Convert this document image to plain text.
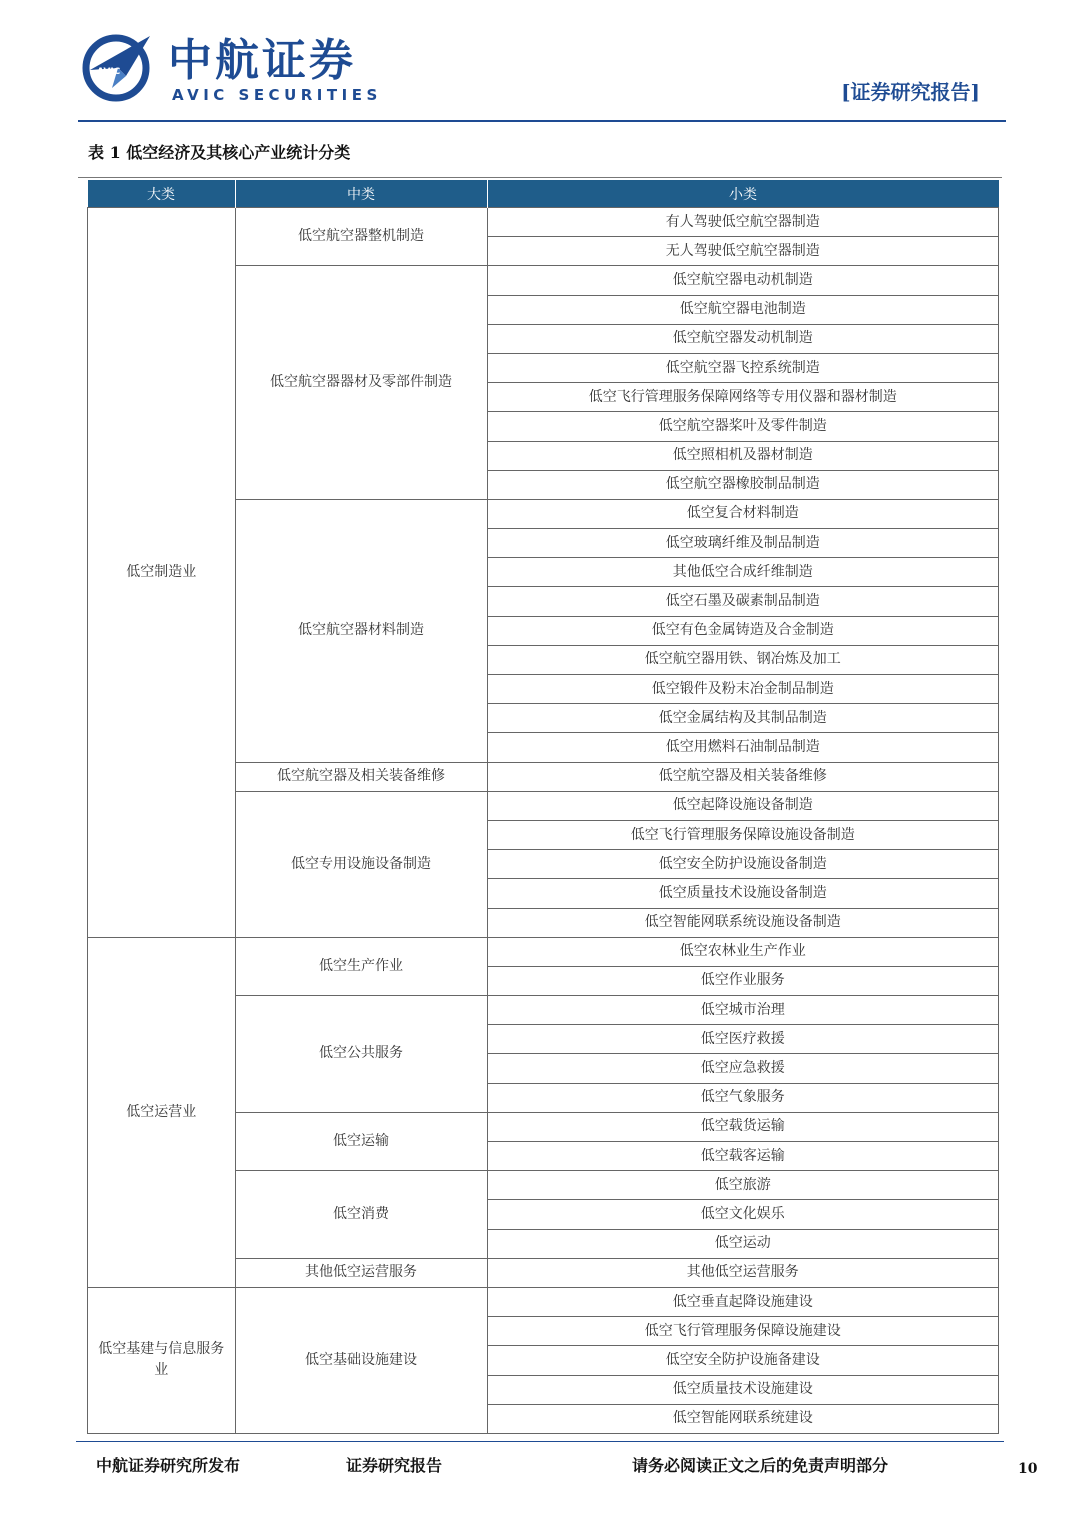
AVIC 中航证券
AVIC SECURITIES	[证券研究报告]
表 1 低空经济及其核心产业统计分类
大类	中类	小类
低空制造业	低空航空器整机制造	有人驾驶低空航空器制造
		无人驾驶低空航空器制造
	低空航空器器材及零部件制造	低空航空器电动机制造
		低空航空器电池制造
		低空航空器发动机制造
		低空航空器飞控系统制造
		低空飞行管理服务保障网络等专用仪器和器材制造
		低空航空器桨叶及零件制造
		低空照相机及器材制造
		低空航空器橡胶制品制造
	低空航空器材料制造	低空复合材料制造
		低空玻璃纤维及制品制造
		其他低空合成纤维制造
		低空石墨及碳素制品制造
		低空有色金属铸造及合金制造
		低空航空器用铁、钢冶炼及加工
		低空锻件及粉末冶金制品制造
		低空金属结构及其制品制造
		低空用燃料石油制品制造
	低空航空器及相关装备维修	低空航空器及相关装备维修
	低空专用设施设备制造	低空起降设施设备制造
		低空飞行管理服务保障设施设备制造
		低空安全防护设施设备制造
		低空质量技术设施设备制造
		低空智能网联系统设施设备制造
低空运营业	低空生产作业	低空农林业生产作业
		低空作业服务
	低空公共服务	低空城市治理
		低空医疗救援
		低空应急救援
		低空气象服务
	低空运输	低空载货运输
		低空载客运输
	低空消费	低空旅游
		低空文化娱乐
		低空运动
	其他低空运营服务	其他低空运营服务
低空基建与信息服务业	低空基础设施建设	低空垂直起降设施建设
		低空飞行管理服务保障设施建设
		低空安全防护设施备建设
		低空质量技术设施建设
		低空智能网联系统建设
中航证券研究所发布	证券研究报告	请务必阅读正文之后的免责声明部分	10
